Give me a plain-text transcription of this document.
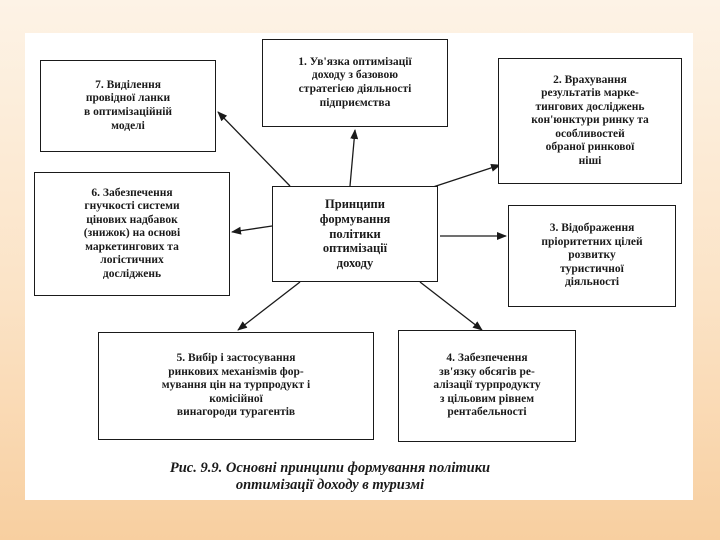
1. Ув'язка оптимізації
доходу з базовою
стратегією діяльності
підприємства
2. Врахування
результатів марке-
тингових досліджень
кон'юнктури ринку та
особливостей
обраної ринкової
ніші
7. Виділення
провідної ланки
в оптимізаційній
моделі
6. Забезпечення
гнучкості системи
цінових надбавок
(знижок) на основі
маркетингових та
логістичних
досліджень
Принципи
формування
політики
оптимізації
доходу
3. Відображення
пріоритетних цілей
розвитку
туристичної
діяльності
5. Вибір і застосування
ринкових механізмів фор-
мування цін на турпродукт і
комісійної
винагороди турагентів
4. Забезпечення
зв'язку обсягів ре-
алізації турпродукту
з цільовим рівнем
рентабельності
Рис. 9.9. Основні принципи формування політики
оптимізації доходу в туризмі
